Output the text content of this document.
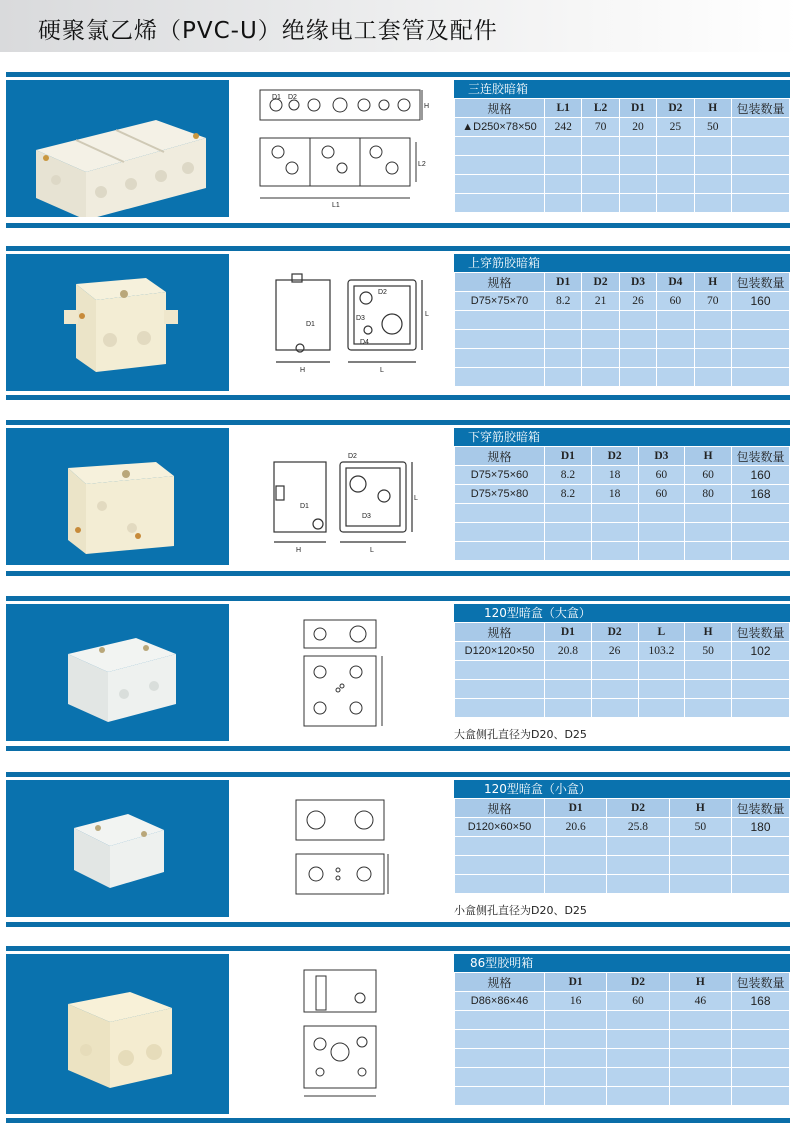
硬聚氯乙烯（PVC-U）绝缘电工套管及配件
D1 D2
H
L1
L2
三连胶暗箱
规格	L1	L2	D1	D2	H	包装数量
▲D250×78×50	242	70	20	25	50	

D1
D2
D3
D4
H	L
L
上穿筋胶暗箱
规格	D1	D2	D3	D4	H	包装数量
D75×75×70	8.2	21	26	60	70	160

D1
D2
D3
H	L
L
下穿筋胶暗箱
规格	D1	D2	D3	H	包装数量
D75×75×60	8.2	18	60	60	160
D75×75×80	8.2	18	60	80	168

120型暗盒（大盒）
规格	D1	D2	L	H	包装数量
D120×120×50	20.8	26	103.2	50	102

大盒侧孔直径为D20、D25
120型暗盒（小盒）
规格	D1	D2	H	包装数量
D120×60×50	20.6	25.8	50	180

小盒侧孔直径为D20、D25
86型胶明箱
规格	D1	D2	H	包装数量
D86×86×46	16	60	46	168
